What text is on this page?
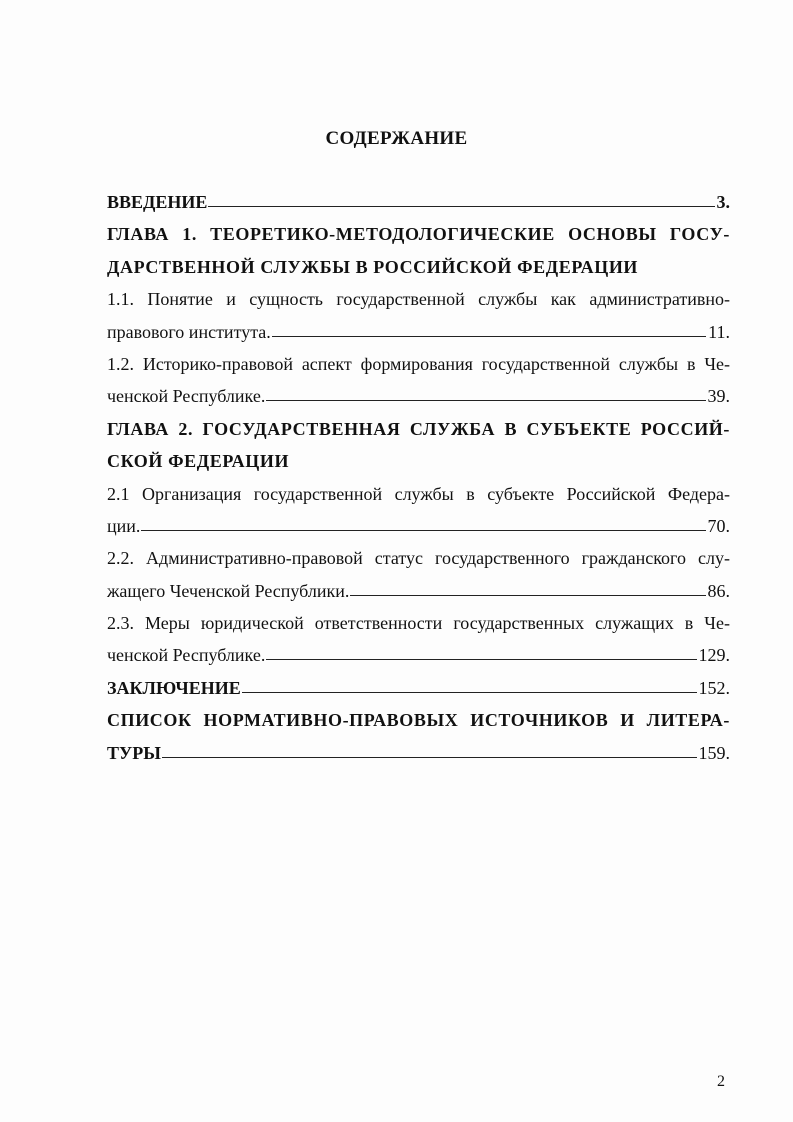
СОДЕРЖАНИЕ
ВВЕДЕНИЕ	3.
ГЛАВА 1. ТЕОРЕТИКО-МЕТОДОЛОГИЧЕСКИЕ ОСНОВЫ ГОСУ-
ДАРСТВЕННОЙ СЛУЖБЫ В РОССИЙСКОЙ ФЕДЕРАЦИИ
1.1. Понятие и сущность государственной службы как административно-
правового института.	11.
1.2. Историко-правовой аспект формирования государственной службы в Че-
ченской Республике.	39.
ГЛАВА 2. ГОСУДАРСТВЕННАЯ СЛУЖБА В СУБЪЕКТЕ РОССИЙ-
СКОЙ ФЕДЕРАЦИИ
2.1 Организация государственной службы в субъекте Российской Федера-
ции.	70.
2.2. Административно-правовой статус государственного гражданского слу-
жащего Чеченской Республики.	86.
2.3. Меры юридической ответственности государственных служащих в Че-
ченской Республике.	129.
ЗАКЛЮЧЕНИЕ	152.
СПИСОК НОРМАТИВНО-ПРАВОВЫХ ИСТОЧНИКОВ И ЛИТЕРА-
ТУРЫ	159.
2
